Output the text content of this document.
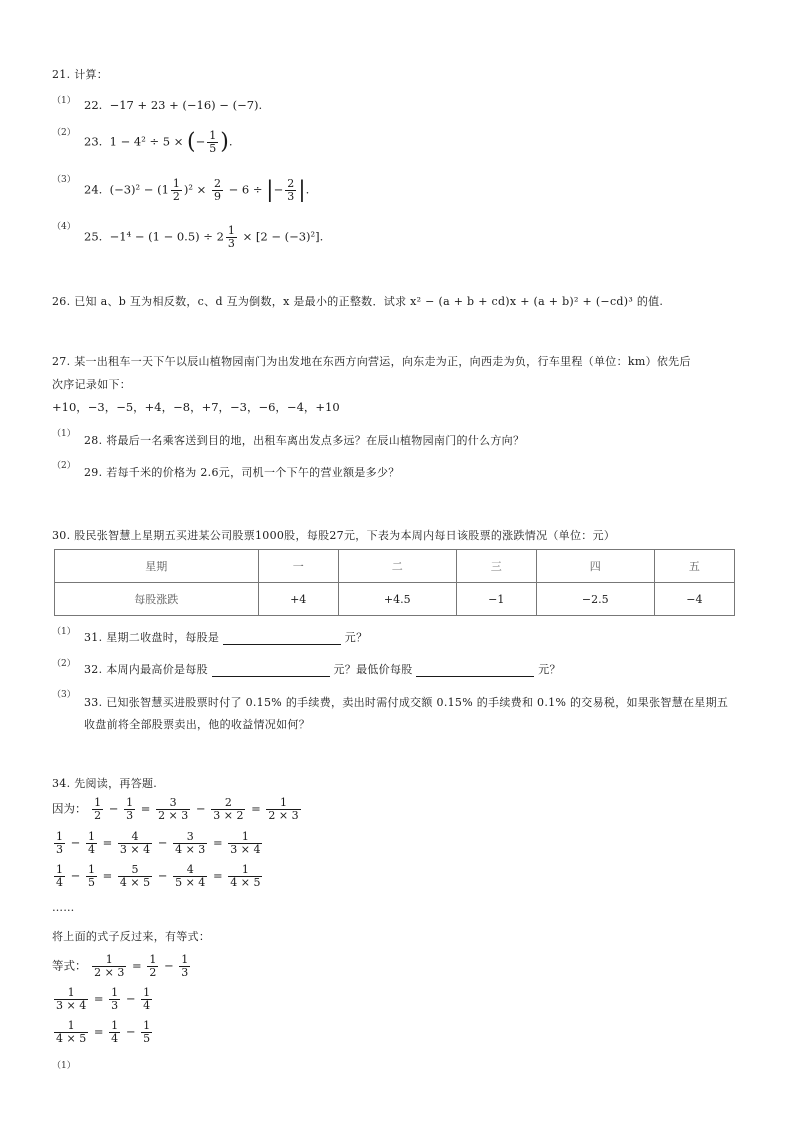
21. 计算：
（1） 22. −17 + 23 + (−16) − (−7).
（2）
23. 1 − 4² ÷ 5 × (− $\frac{1}{5}$ ).
（3）
24. $(-3)^2 - (1 \frac{1}{2} )^2 \times \frac{2}{9} - 6$ ÷ |− $\frac{2}{3}$ |.
（4）
25. $-1^4 - (1 - 0.5) \div 2 \frac{1}{3} \times [2 - (-3)^2]$.
26. 已知 a、b 互为相反数，c、d 互为倒数，x 是最小的正整数．试求 x² − (a + b + cd)x + (a + b)² + (−cd)³ 的值.
27. 某一出租车一天下午以辰山植物园南门为出发地在东西方向营运，向东走为正，向西走为负，行车里程（单位：km）依先后
次序记录如下：
+10，−3，−5，+4，−8，+7，−3，−6，−4，+10
（1） 28. 将最后一名乘客送到目的地，出租车离出发点多远？在辰山植物园南门的什么方向？
（2） 29. 若每千米的价格为 2.6元，司机一个下午的营业额是多少？
30. 股民张智慧上星期五买进某公司股票1000股，每股27元，下表为本周内每日该股票的涨跌情况（单位：元）
星期	一	二	三	四	五
每股涨跌	+4	+4.5	−1	−2.5	−4
（1） 31. 星期二收盘时，每股是	元？
（2） 32. 本周内最高价是每股	元？最低价每股	元？
（3）
33. 已知张智慧买进股票时付了 0.15% 的手续费，卖出时需付成交额 0.15% 的手续费和 0.1% 的交易税，如果张智慧在星期五
收盘前将全部股票卖出，他的收益情况如何？
34. 先阅读，再答题.
因为： $\frac{1}{2} - \frac{1}{3} = \frac{3}{2 \times 3} - \frac{2}{3 \times 2} = \frac{1}{2 \times 3}$
$\frac{1}{3} - \frac{1}{4} = \frac{4}{3 \times 4} - \frac{3}{4 \times 3} = \frac{1}{3 \times 4}$
$\frac{1}{4} - \frac{1}{5} = \frac{5}{4 \times 5} - \frac{4}{5 \times 4} = \frac{1}{4 \times 5}$
……
将上面的式子反过来，有等式：
等式： $\frac{1}{2 \times 3} = \frac{1}{2} - \frac{1}{3}$
$\frac{1}{3 \times 4} = \frac{1}{3} - \frac{1}{4}$
$\frac{1}{4 \times 5} = \frac{1}{4} - \frac{1}{5}$
（1）
